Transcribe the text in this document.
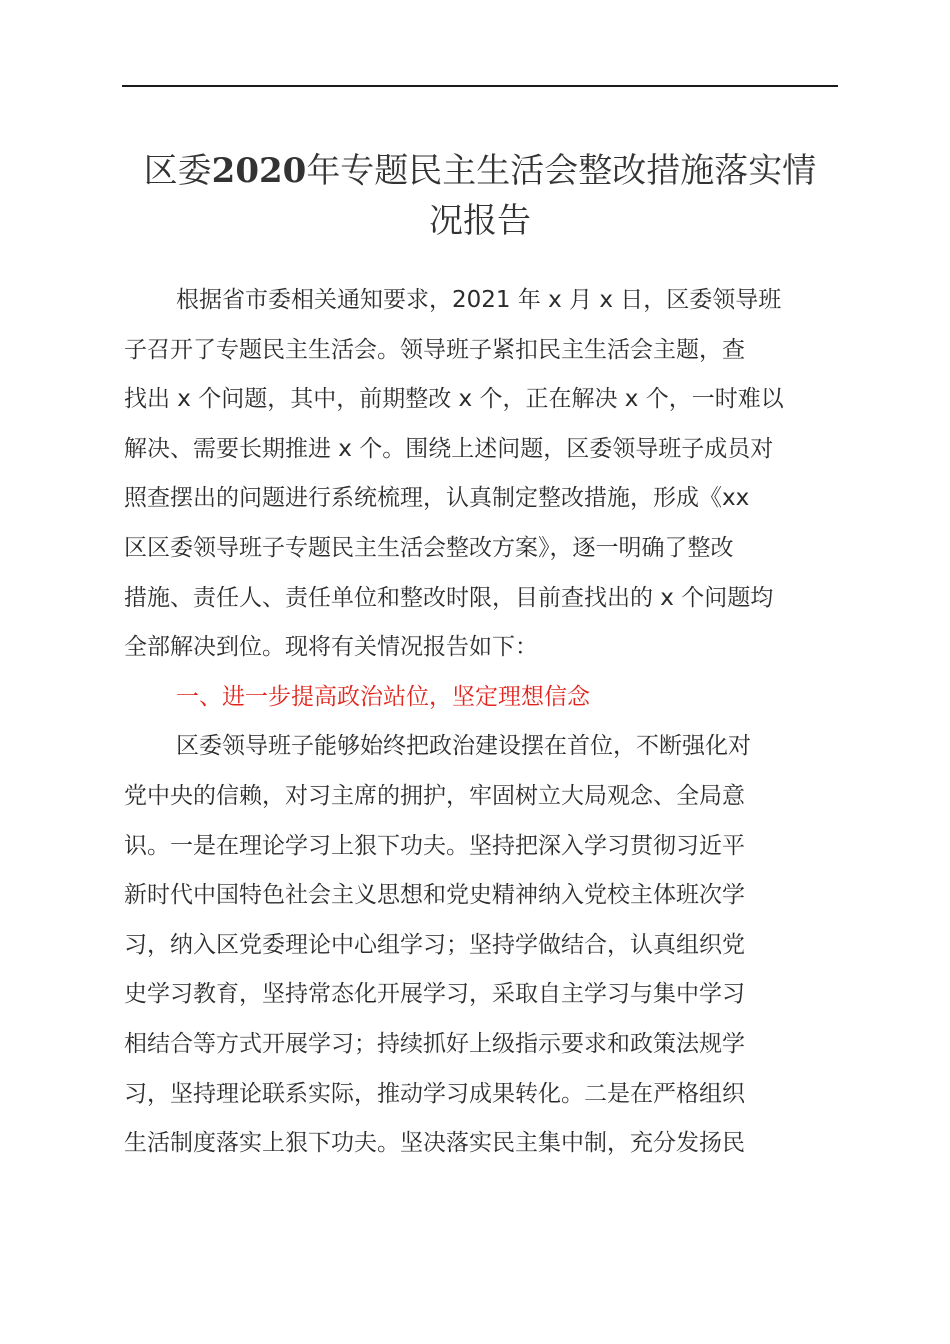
区委2020年专题民主生活会整改措施落实情
况报告
根据省市委相关通知要求，2021 年 x 月 x 日，区委领导班
子召开了专题民主生活会。领导班子紧扣民主生活会主题，查
找出 x 个问题，其中，前期整改 x 个，正在解决 x 个，一时难以
解决、需要长期推进 x 个。围绕上述问题，区委领导班子成员对
照查摆出的问题进行系统梳理，认真制定整改措施，形成《xx
区区委领导班子专题民主生活会整改方案》，逐一明确了整改
措施、责任人、责任单位和整改时限，目前查找出的 x 个问题均
全部解决到位。现将有关情况报告如下：
一、进一步提高政治站位，坚定理想信念
区委领导班子能够始终把政治建设摆在首位，不断强化对
党中央的信赖，对习主席的拥护，牢固树立大局观念、全局意
识。一是在理论学习上狠下功夫。坚持把深入学习贯彻习近平
新时代中国特色社会主义思想和党史精神纳入党校主体班次学
习，纳入区党委理论中心组学习；坚持学做结合，认真组织党
史学习教育，坚持常态化开展学习，采取自主学习与集中学习
相结合等方式开展学习；持续抓好上级指示要求和政策法规学
习，坚持理论联系实际，推动学习成果转化。二是在严格组织
生活制度落实上狠下功夫。坚决落实民主集中制，充分发扬民
